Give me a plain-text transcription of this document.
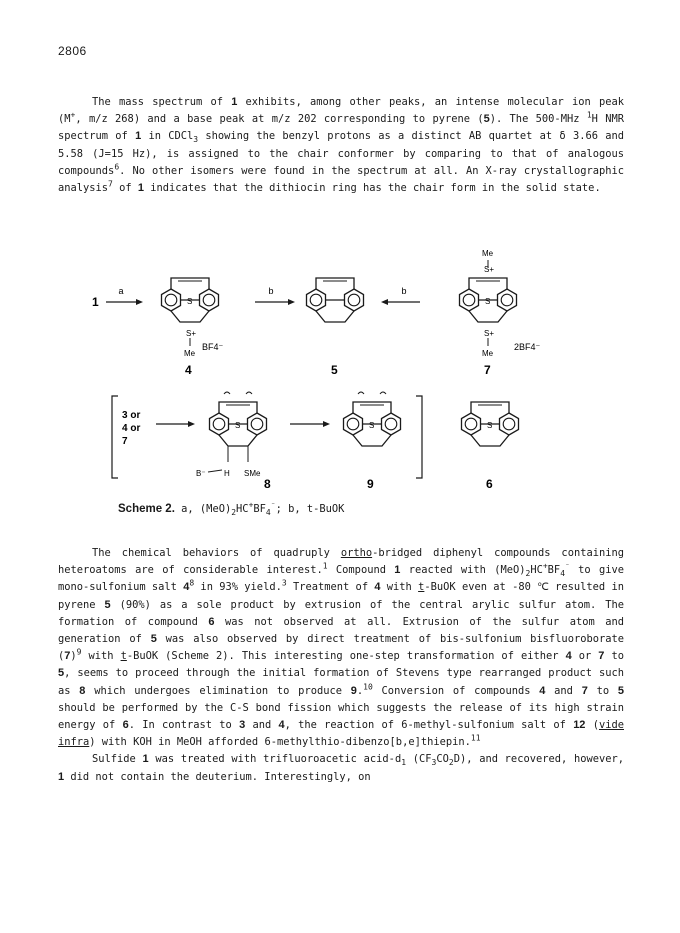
2806

The mass spectrum of 1 exhibits, among other peaks, an intense molecular ion peak (M+, m/z 268) and a base peak at m/z 202 corresponding to pyrene (5). The 500-MHz $^1$H NMR spectrum of 1 in CDCl$_3$ showing the benzyl protons as a distinct AB quartet at δ 3.66 and 5.58 (J=15 Hz), is assigned to the chair conformer by comparing to that of analogous compounds$^6$. No other isomers were found in the spectrum at all. An X-ray crystallographic analysis$^7$ of 1 indicates that the dithiocin ring has the chair form in the solid state.

1
a
S
S+
Me
BF4⁻
4
b
5
b
S
S+
Me
S+
Me
2BF4⁻
7
3 or
4 or
7
S
B⁻ H SMe
8
S
9
S
6
Scheme 2. a, $(MeO)_2HC^+BF_4^{^-}$; b, t-BuOK

The chemical behaviors of quadruply ortho-bridged diphenyl compounds containing heteroatoms are of considerable interest.$^1$ Compound 1 reacted with $(MeO)_2HC^+BF_4^{^-}$ to give mono-sulfonium salt $4^8$ in 93% yield.$^3$ Treatment of 4 with t-BuOK even at -80 ℃ resulted in pyrene 5 (90%) as a sole product by extrusion of the central arylic sulfur atom. The formation of compound 6 was not observed at all. Extrusion of the sulfur atom and generation of 5 was also observed by direct treatment of bis-sulfonium bisfluoroborate $(7)^9$ with t-BuOK (Scheme 2). This interesting one-step transformation of either 4 or 7 to 5, seems to proceed through the initial formation of Stevens type rearranged product such as 8 which undergoes elimination to produce 9.10 Conversion of compounds 4 and 7 to 5 should be performed by the C-S bond fission which suggests the release of its high strain energy of 6. In contrast to 3 and 4, the reaction of 6-methyl-sulfonium salt of 12 (vide infra) with KOH in MeOH afforded 6-methylthio-dibenzo[b,e]thiepin.$^{11}$

Sulfide 1 was treated with trifluoroacetic acid-$d_1$ $(CF_3CO_2D)$, and recovered, however, 1 did not contain the deuterium. Interestingly, on
